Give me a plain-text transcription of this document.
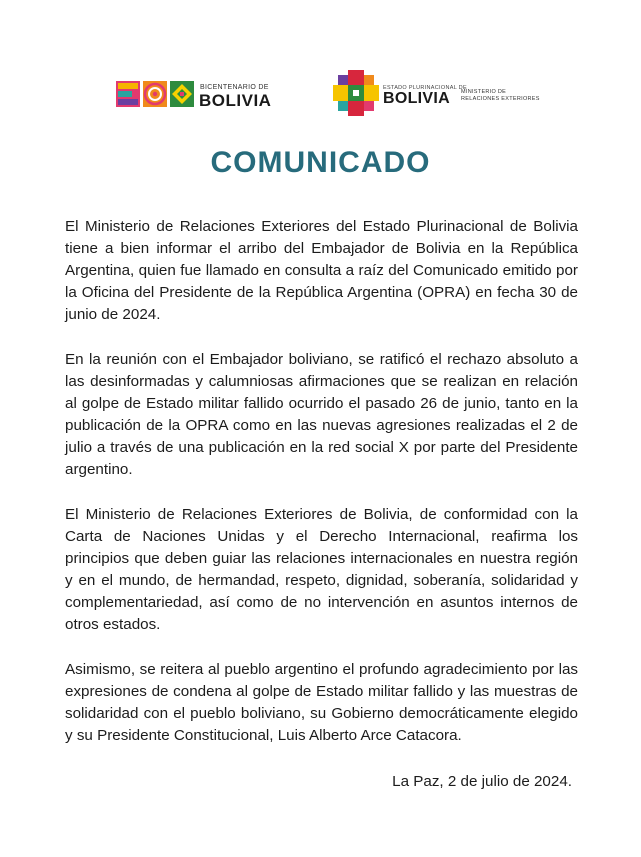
BICENTENARIO DE
BOLIVIA
ESTADO PLURINACIONAL DE
BOLIVIA MINISTERIO DE
RELACIONES EXTERIORES
COMUNICADO

El Ministerio de Relaciones Exteriores del Estado Plurinacional de Bolivia tiene a bien informar el arribo del Embajador de Bolivia en la República Argentina, quien fue llamado en consulta a raíz del Comunicado emitido por la Oficina del Presidente de la República Argentina (OPRA) en fecha 30 de junio de 2024.

En la reunión con el Embajador boliviano, se ratificó el rechazo absoluto a las desinformadas y calumniosas afirmaciones que se realizan en relación al golpe de Estado militar fallido ocurrido el pasado 26 de junio, tanto en la publicación de la OPRA como en las nuevas agresiones realizadas el 2 de julio a través de una publicación en la red social X por parte del Presidente argentino.

El Ministerio de Relaciones Exteriores de Bolivia, de conformidad con la Carta de Naciones Unidas y el Derecho Internacional, reafirma los principios que deben guiar las relaciones internacionales en nuestra región y en el mundo, de hermandad, respeto, dignidad, soberanía, solidaridad y complementariedad, así como de no intervención en asuntos internos de otros estados.

Asimismo, se reitera al pueblo argentino el profundo agradecimiento por las expresiones de condena al golpe de Estado militar fallido y las muestras de solidaridad con el pueblo boliviano, su Gobierno democráticamente elegido y su Presidente Constitucional, Luis Alberto Arce Catacora.

La Paz, 2 de julio de 2024.
